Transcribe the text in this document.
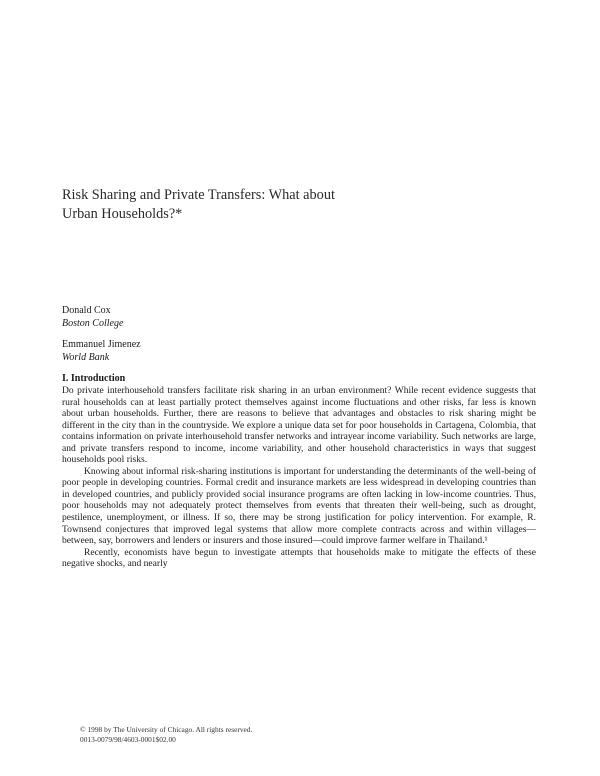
Risk Sharing and Private Transfers: What about
Urban Households?*
Donald Cox
Boston College
Emmanuel Jimenez
World Bank
I. Introduction

Do private interhousehold transfers facilitate risk sharing in an urban environment? While recent evidence suggests that rural households can at least partially protect themselves against income fluctuations and other risks, far less is known about urban households. Further, there are reasons to believe that advantages and obstacles to risk sharing might be different in the city than in the countryside. We explore a unique data set for poor households in Cartagena, Colombia, that contains information on private interhousehold transfer networks and intrayear income variability. Such networks are large, and private transfers respond to income, income variability, and other household characteristics in ways that suggest households pool risks.

Knowing about informal risk-sharing institutions is important for understanding the determinants of the well-being of poor people in developing countries. Formal credit and insurance markets are less widespread in developing countries than in developed countries, and publicly provided social insurance programs are often lacking in low-income countries. Thus, poor households may not adequately protect themselves from events that threaten their well-being, such as drought, pestilence, unemployment, or illness. If so, there may be strong justification for policy intervention. For example, R. Townsend conjectures that improved legal systems that allow more complete contracts across and within villages—between, say, borrowers and lenders or insurers and those insured—could improve farmer welfare in Thailand.¹

Recently, economists have begun to investigate attempts that households make to mitigate the effects of these negative shocks, and nearly

© 1998 by The University of Chicago. All rights reserved.
0013-0079/98/4603-0001$02.00
